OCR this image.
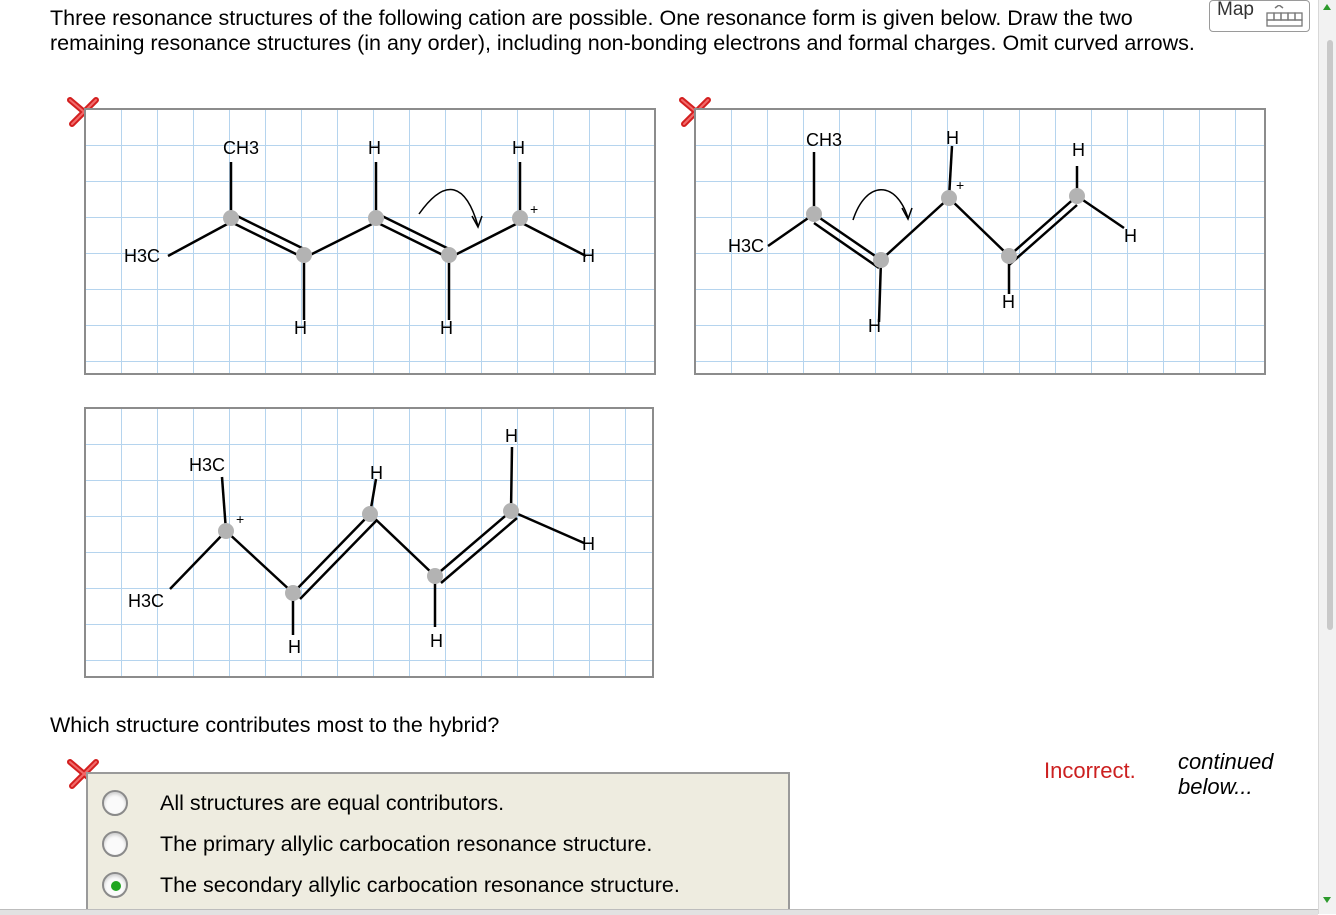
Three resonance structures of the following cation are possible. One resonance form is given below. Draw the two remaining resonance structures (in any order), including non-bonding electrons and formal charges. Omit curved arrows.

Map
CH3
H3C
H	H
H
H	H
+
CH3
H3C
H
H
H
H
H
+
H3C
H3C
H
H
H
H	H
+

Which structure contributes most to the hybrid?

All structures are equal contributors.
The primary allylic carbocation resonance structure.
The secondary allylic carbocation resonance structure.
Incorrect. continued below...
